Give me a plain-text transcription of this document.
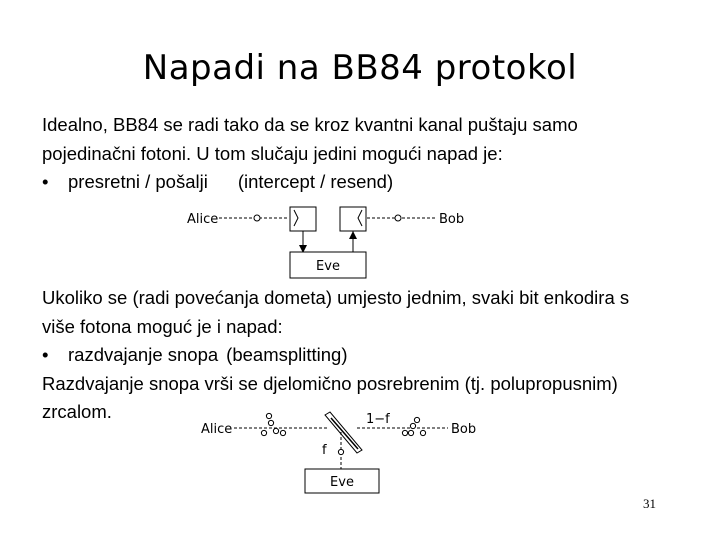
Napadi na BB84 protokol
Idealno, BB84 se radi tako da se kroz kvantni kanal puštaju samo
pojedinačni fotoni. U tom slučaju jedini mogući napad je:
• presretni / pošalji (intercept / resend)
Ukoliko se (radi povećanja dometa) umjesto jednim, svaki bit enkodira s
više fotona moguć je i napad:
• razdvajanje snopa (beamsplitting)
Razdvajanje snopa vrši se djelomično posrebrenim (tj. polupropusnim)
zrcalom.
Alice	Bob
Eve
Alice
1−f
Bob
f
Eve
31
